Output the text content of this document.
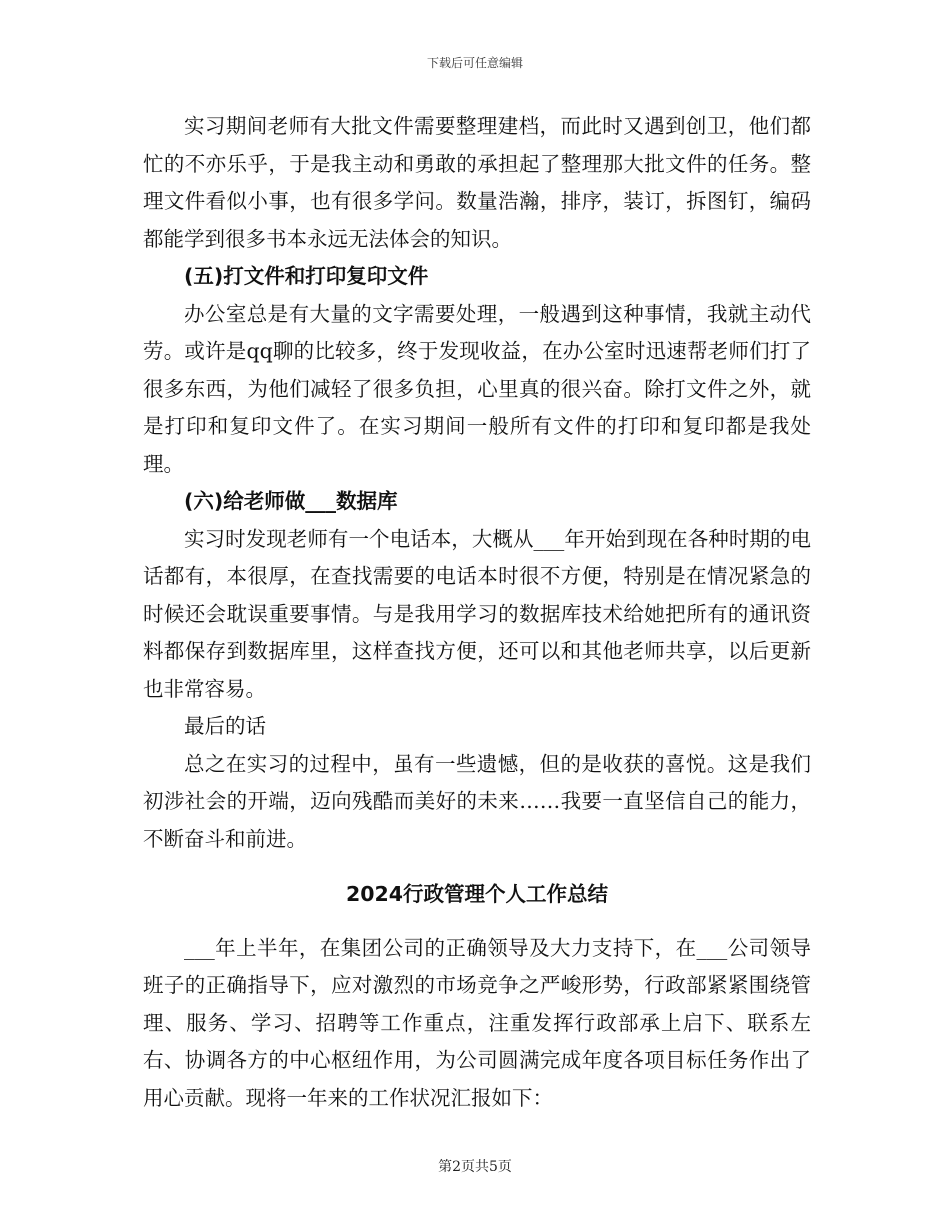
下载后可任意编辑

实习期间老师有大批文件需要整理建档，而此时又遇到创卫，他们都忙的不亦乐乎，于是我主动和勇敢的承担起了整理那大批文件的任务。整理文件看似小事，也有很多学问。数量浩瀚，排序，装订，拆图钉，编码都能学到很多书本永远无法体会的知识。

(五)打文件和打印复印文件

办公室总是有大量的文字需要处理，一般遇到这种事情，我就主动代劳。或许是qq聊的比较多，终于发现收益，在办公室时迅速帮老师们打了很多东西，为他们减轻了很多负担，心里真的很兴奋。除打文件之外，就是打印和复印文件了。在实习期间一般所有文件的打印和复印都是我处理。

(六)给老师做___数据库

实习时发现老师有一个电话本，大概从___年开始到现在各种时期的电话都有，本很厚，在查找需要的电话本时很不方便，特别是在情况紧急的时候还会耽误重要事情。与是我用学习的数据库技术给她把所有的通讯资料都保存到数据库里，这样查找方便，还可以和其他老师共享，以后更新也非常容易。

最后的话

总之在实习的过程中，虽有一些遗憾，但的是收获的喜悦。这是我们初涉社会的开端，迈向残酷而美好的未来……我要一直坚信自己的能力，不断奋斗和前进。

2024行政管理个人工作总结

___年上半年，在集团公司的正确领导及大力支持下，在___公司领导班子的正确指导下，应对激烈的市场竞争之严峻形势，行政部紧紧围绕管理、服务、学习、招聘等工作重点，注重发挥行政部承上启下、联系左右、协调各方的中心枢纽作用，为公司圆满完成年度各项目标任务作出了用心贡献。现将一年来的工作状况汇报如下：

第2页共5页
